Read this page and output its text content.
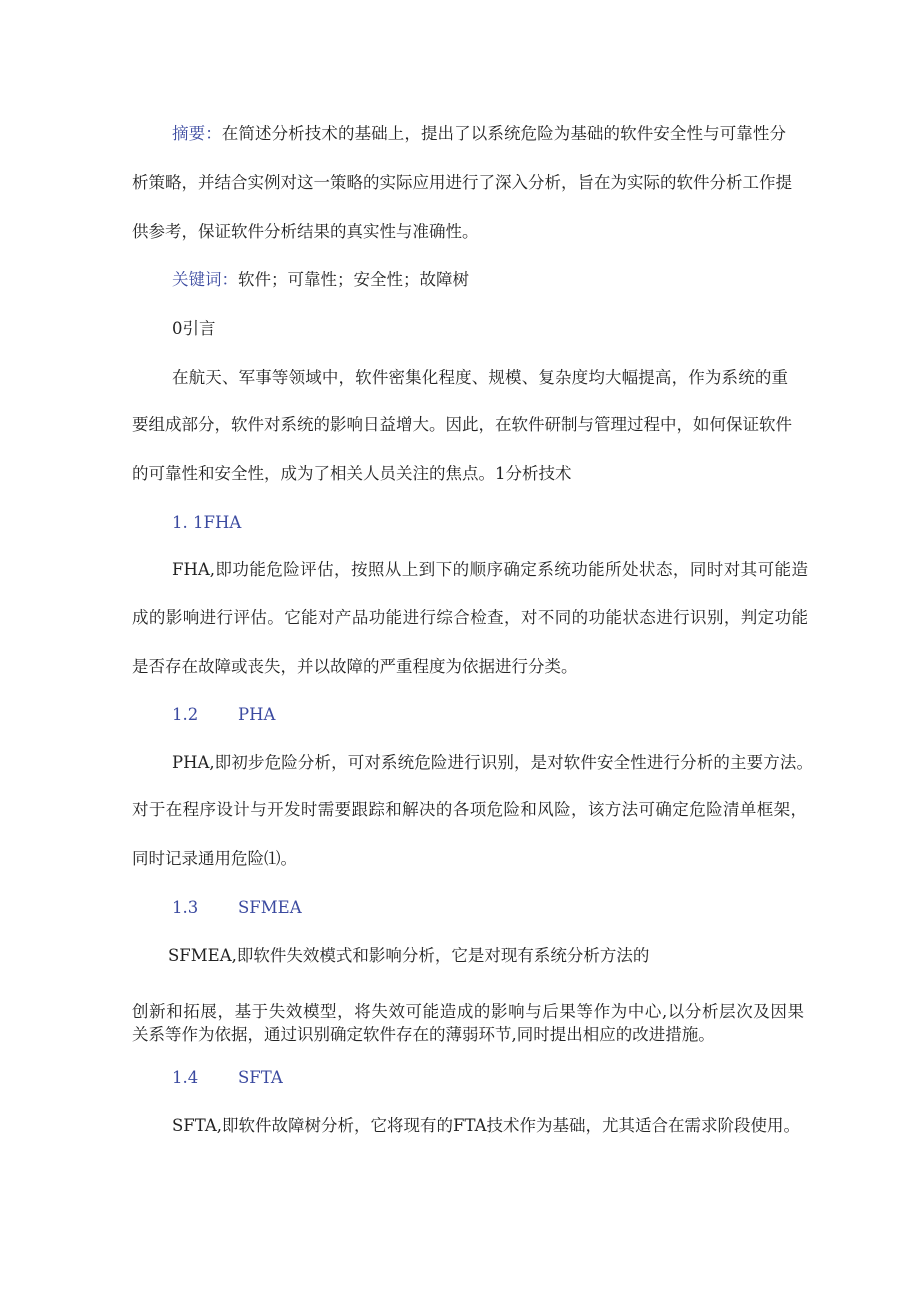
摘要：在简述分析技术的基础上，提出了以系统危险为基础的软件安全性与可靠性分

析策略，并结合实例对这一策略的实际应用进行了深入分析，旨在为实际的软件分析工作提

供参考，保证软件分析结果的真实性与准确性。

关键词：软件；可靠性；安全性；故障树

0引言

在航天、军事等领域中，软件密集化程度、规模、复杂度均大幅提高，作为系统的重

要组成部分，软件对系统的影响日益增大。因此，在软件研制与管理过程中，如何保证软件

的可靠性和安全性，成为了相关人员关注的焦点。1分析技术

1. 1FHA

FHA,即功能危险评估，按照从上到下的顺序确定系统功能所处状态，同时对其可能造

成的影响进行评估。它能对产品功能进行综合检查，对不同的功能状态进行识别，判定功能

是否存在故障或丧失，并以故障的严重程度为依据进行分类。

1.2 PHA

PHA,即初步危险分析，可对系统危险进行识别，是对软件安全性进行分析的主要方法。

对于在程序设计与开发时需要跟踪和解决的各项危险和风险，该方法可确定危险清单框架，

同时记录通用危险⑴。

1.3 SFMEA

SFMEA,即软件失效模式和影响分析，它是对现有系统分析方法的

创新和拓展，基于失效模型，将失效可能造成的影响与后果等作为中心,以分析层次及因果

关系等作为依据，通过识别确定软件存在的薄弱环节,同时提出相应的改进措施。

1.4 SFTA

SFTA,即软件故障树分析，它将现有的FTA技术作为基础，尤其适合在需求阶段使用。
